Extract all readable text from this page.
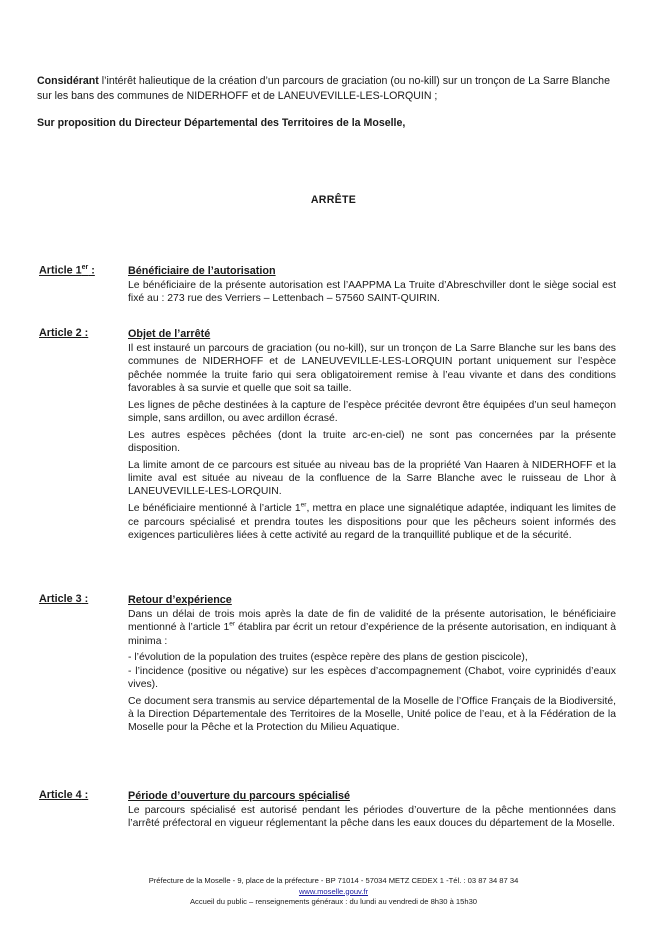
Considérant l’intérêt halieutique de la création d’un parcours de graciation (ou no-kill) sur un tronçon de La Sarre Blanche sur les bans des communes de NIDERHOFF et de LANEUVEVILLE-LES-LORQUIN ;

Sur proposition du Directeur Départemental des Territoires de la Moselle,

ARRÊTE
Article 1er :	Bénéficiaire de l’autorisation

Le bénéficiaire de la présente autorisation est l’AAPPMA La Truite d’Abreschviller dont le siège social est fixé au : 273 rue des Verriers – Lettenbach – 57560 SAINT-QUIRIN.

Article 2 :	Objet de l’arrêté

Il est instauré un parcours de graciation (ou no-kill), sur un tronçon de La Sarre Blanche sur les bans des communes de NIDERHOFF et de LANEUVEVILLE-LES-LORQUIN portant uniquement sur l’espèce pêchée nommée la truite fario qui sera obligatoirement remise à l’eau vivante et dans des conditions favorables à sa survie et quelle que soit sa taille.

Les lignes de pêche destinées à la capture de l’espèce précitée devront être équipées d’un seul hameçon simple, sans ardillon, ou avec ardillon écrasé.

Les autres espèces pêchées (dont la truite arc-en-ciel) ne sont pas concernées par la présente disposition.

La limite amont de ce parcours est située au niveau bas de la propriété Van Haaren à NIDERHOFF et la limite aval est située au niveau de la confluence de la Sarre Blanche avec le ruisseau de Lhor à LANEUVEVILLE-LES-LORQUIN.

Le bénéficiaire mentionné à l’article 1er, mettra en place une signalétique adaptée, indiquant les limites de ce parcours spécialisé et prendra toutes les dispositions pour que les pêcheurs soient informés des exigences particulières liées à cette activité au regard de la tranquillité publique et de la sécurité.

Article 3 :	Retour d’expérience

Dans un délai de trois mois après la date de fin de validité de la présente autorisation, le bénéficiaire mentionné à l’article 1er établira par écrit un retour d’expérience de la présente autorisation, en indiquant à minima :

- l’évolution de la population des truites (espèce repère des plans de gestion piscicole),

- l’incidence (positive ou négative) sur les espèces d’accompagnement (Chabot, voire cyprinidés d’eaux vives).

Ce document sera transmis au service départemental de la Moselle de l’Office Français de la Biodiversité, à la Direction Départementale des Territoires de la Moselle, Unité police de l’eau, et à la Fédération de la Moselle pour la Pêche et la Protection du Milieu Aquatique.

Article 4 :	Période d’ouverture du parcours spécialisé

Le parcours spécialisé est autorisé pendant les périodes d’ouverture de la pêche mentionnées dans l’arrêté préfectoral en vigueur réglementant la pêche dans les eaux douces du département de la Moselle.

Préfecture de la Moselle - 9, place de la préfecture - BP 71014 - 57034 METZ CEDEX 1 -Tél. : 03 87 34 87 34
www.moselle.gouv.fr
Accueil du public – renseignements généraux : du lundi au vendredi de 8h30 à 15h30
